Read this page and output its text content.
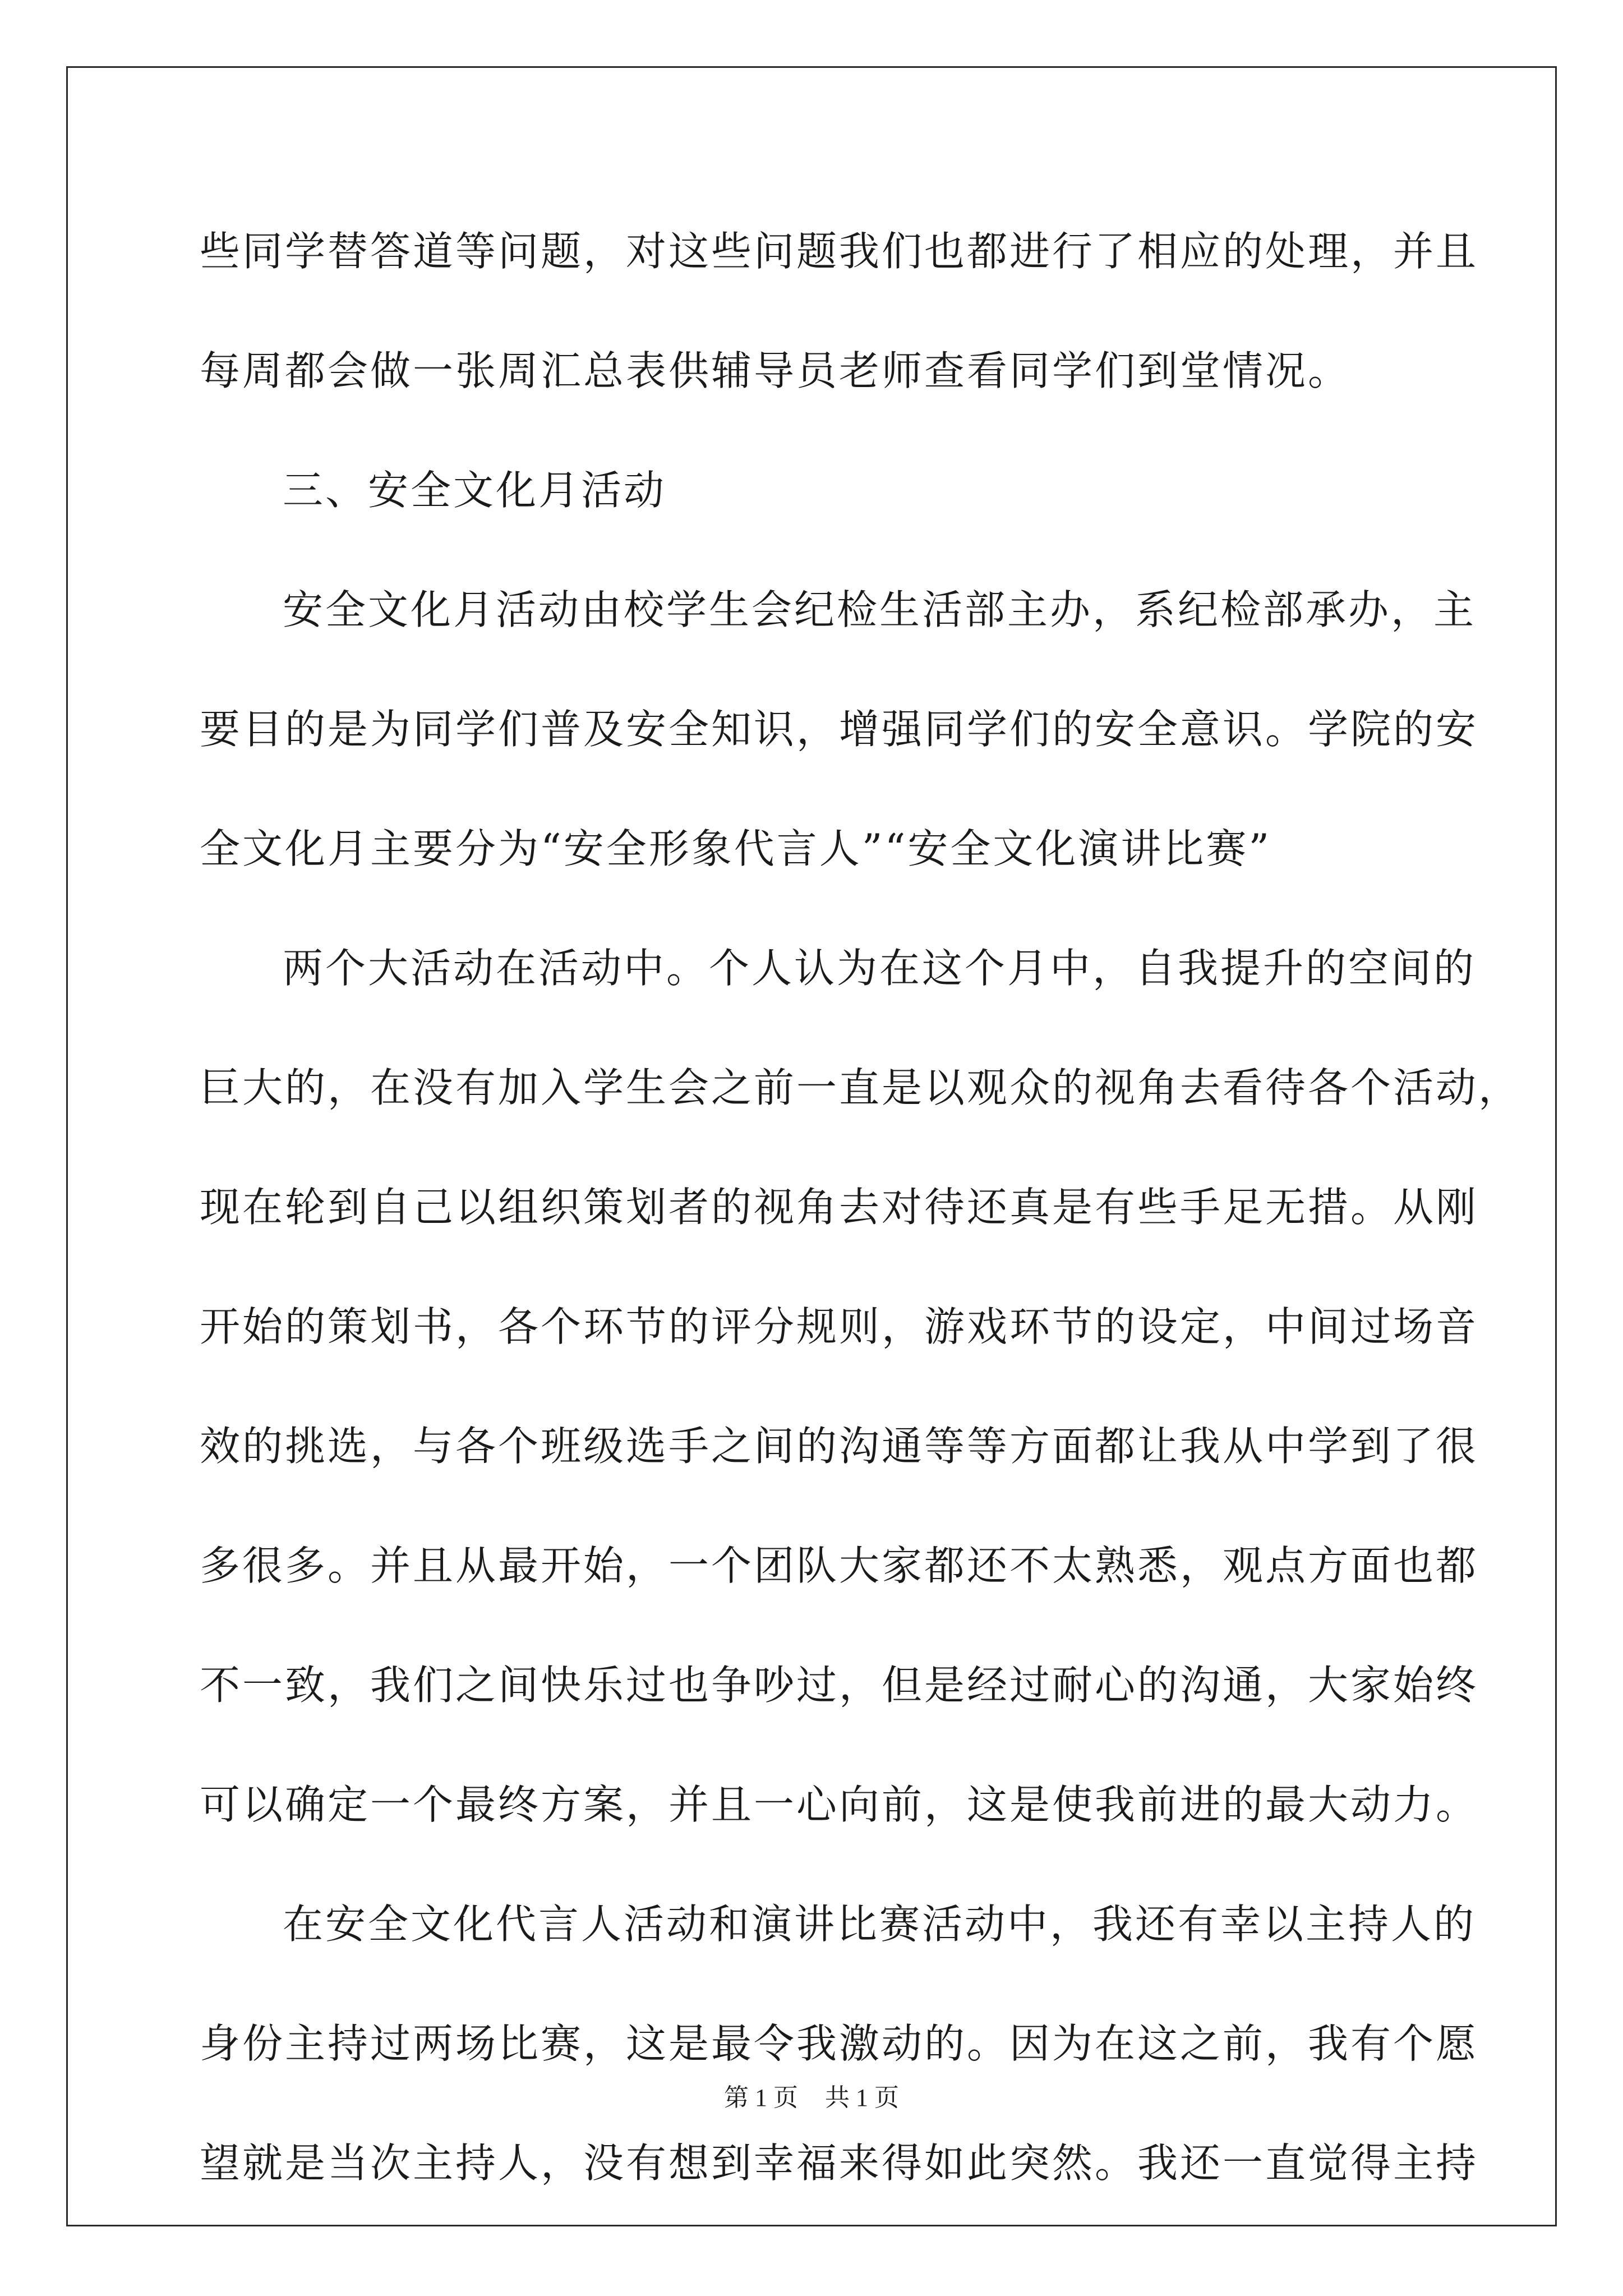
些同学替答道等问题，对这些问题我们也都进行了相应的处理，并且
每周都会做一张周汇总表供辅导员老师查看同学们到堂情况。
三、安全文化月活动
安全文化月活动由校学生会纪检生活部主办，系纪检部承办，主
要目的是为同学们普及安全知识，增强同学们的安全意识。学院的安
全文化月主要分为“安全形象代言人”“安全文化演讲比赛”
两个大活动在活动中。个人认为在这个月中，自我提升的空间的
巨大的，在没有加入学生会之前一直是以观众的视角去看待各个活动，
现在轮到自己以组织策划者的视角去对待还真是有些手足无措。从刚
开始的策划书，各个环节的评分规则，游戏环节的设定，中间过场音
效的挑选，与各个班级选手之间的沟通等等方面都让我从中学到了很
多很多。并且从最开始，一个团队大家都还不太熟悉，观点方面也都
不一致，我们之间快乐过也争吵过，但是经过耐心的沟通，大家始终
可以确定一个最终方案，并且一心向前，这是使我前进的最大动力。
在安全文化代言人活动和演讲比赛活动中，我还有幸以主持人的
身份主持过两场比赛，这是最令我激动的。因为在这之前，我有个愿
望就是当次主持人，没有想到幸福来得如此突然。我还一直觉得主持
第 1 页 共 1 页
